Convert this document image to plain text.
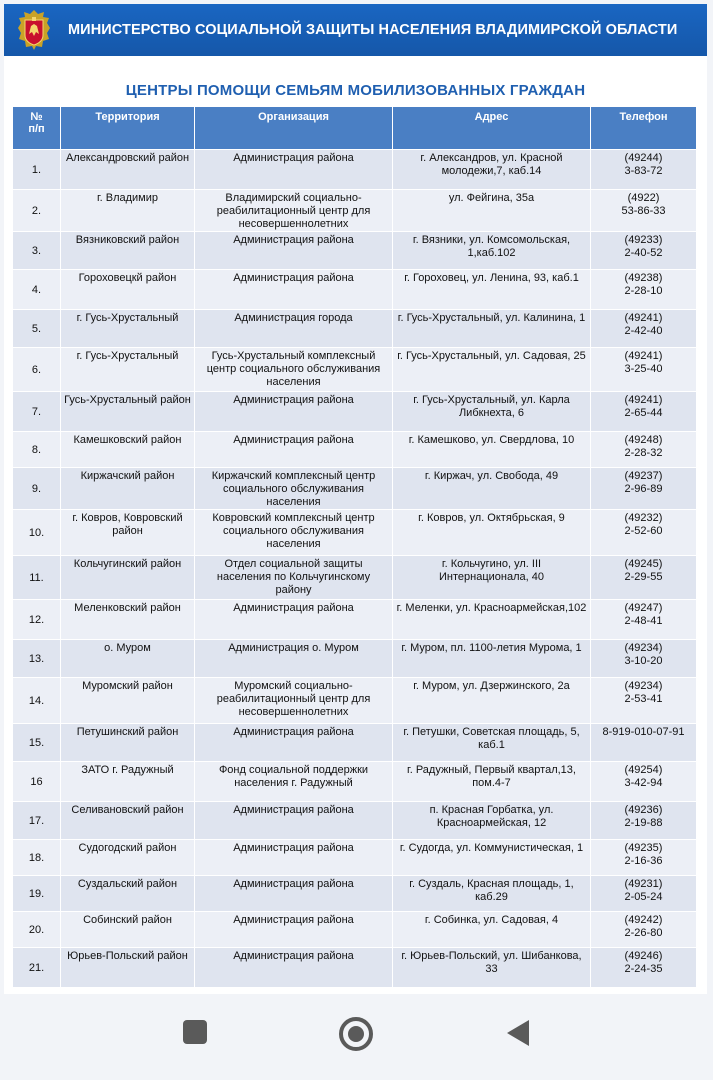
МИНИСТЕРСТВО СОЦИАЛЬНОЙ ЗАЩИТЫ НАСЕЛЕНИЯ ВЛАДИМИРСКОЙ ОБЛАСТИ
ЦЕНТРЫ ПОМОЩИ СЕМЬЯМ МОБИЛИЗОВАННЫХ ГРАЖДАН
№
п/п	Территория	Организация	Адрес	Телефон
1.	Александровский район	Администрация района	г. Александров, ул. Красной молодежи,7, каб.14	(49244)
3-83-72
2.	г. Владимир	Владимирский социально-реабилитационный центр для несовершеннолетних	ул. Фейгина, 35а	(4922)
53-86-33
3.	Вязниковский район	Администрация района	г. Вязники, ул. Комсомольская, 1,каб.102	(49233)
2-40-52
4.	Гороховецкй район	Администрация района	г. Гороховец, ул. Ленина, 93, каб.1	(49238)
2-28-10
5.	г. Гусь-Хрустальный	Администрация города	г. Гусь-Хрустальный, ул. Калинина, 1	(49241)
2-42-40
6.	г. Гусь-Хрустальный	Гусь-Хрустальный комплексный центр социального обслуживания населения	г. Гусь-Хрустальный, ул. Садовая, 25	(49241)
3-25-40
7.	Гусь-Хрустальный район	Администрация района	г. Гусь-Хрустальный, ул. Карла Либкнехта, 6	(49241)
2-65-44
8.	Камешковский район	Администрация района	г. Камешково, ул. Свердлова, 10	(49248)
2-28-32
9.	Киржачский район	Киржачский комплексный центр социального обслуживания населения	г. Киржач, ул. Свобода, 49	(49237)
2-96-89
10.	г. Ковров, Ковровский район	Ковровский комплексный центр социального обслуживания населения	г. Ковров, ул. Октябрьская, 9	(49232)
2-52-60
11.	Кольчугинский район	Отдел социальной защиты населения по Кольчугинскому району	г. Кольчугино, ул. III Интернационала, 40	(49245)
2-29-55
12.	Меленковский район	Администрация района	г. Меленки, ул. Красноармейская,102	(49247)
2-48-41
13.	о. Муром	Администрация о. Муром	г. Муром, пл. 1100-летия Мурома, 1	(49234)
3-10-20
14.	Муромский район	Муромский социально-реабилитационный центр для несовершеннолетних	г. Муром, ул. Дзержинского, 2а	(49234)
2-53-41
15.	Петушинский район	Администрация района	г. Петушки, Советская площадь, 5, каб.1	8-919-010-07-91
16	ЗАТО г. Радужный	Фонд социальной поддержки населения г. Радужный	г. Радужный, Первый квартал,13, пом.4-7	(49254)
3-42-94
17.	Селивановский район	Администрация района	п. Красная Горбатка, ул. Красноармейская, 12	(49236)
2-19-88
18.	Судогодский район	Администрация района	г. Судогда, ул. Коммунистическая, 1	(49235)
2-16-36
19.	Суздальский район	Администрация района	г. Суздаль, Красная площадь, 1, каб.29	(49231)
2-05-24
20.	Собинский район	Администрация района	г. Собинка, ул. Садовая, 4	(49242)
2-26-80
21.	Юрьев-Польский район	Администрация района	г. Юрьев-Польский, ул. Шибанкова, 33	(49246)
2-24-35
